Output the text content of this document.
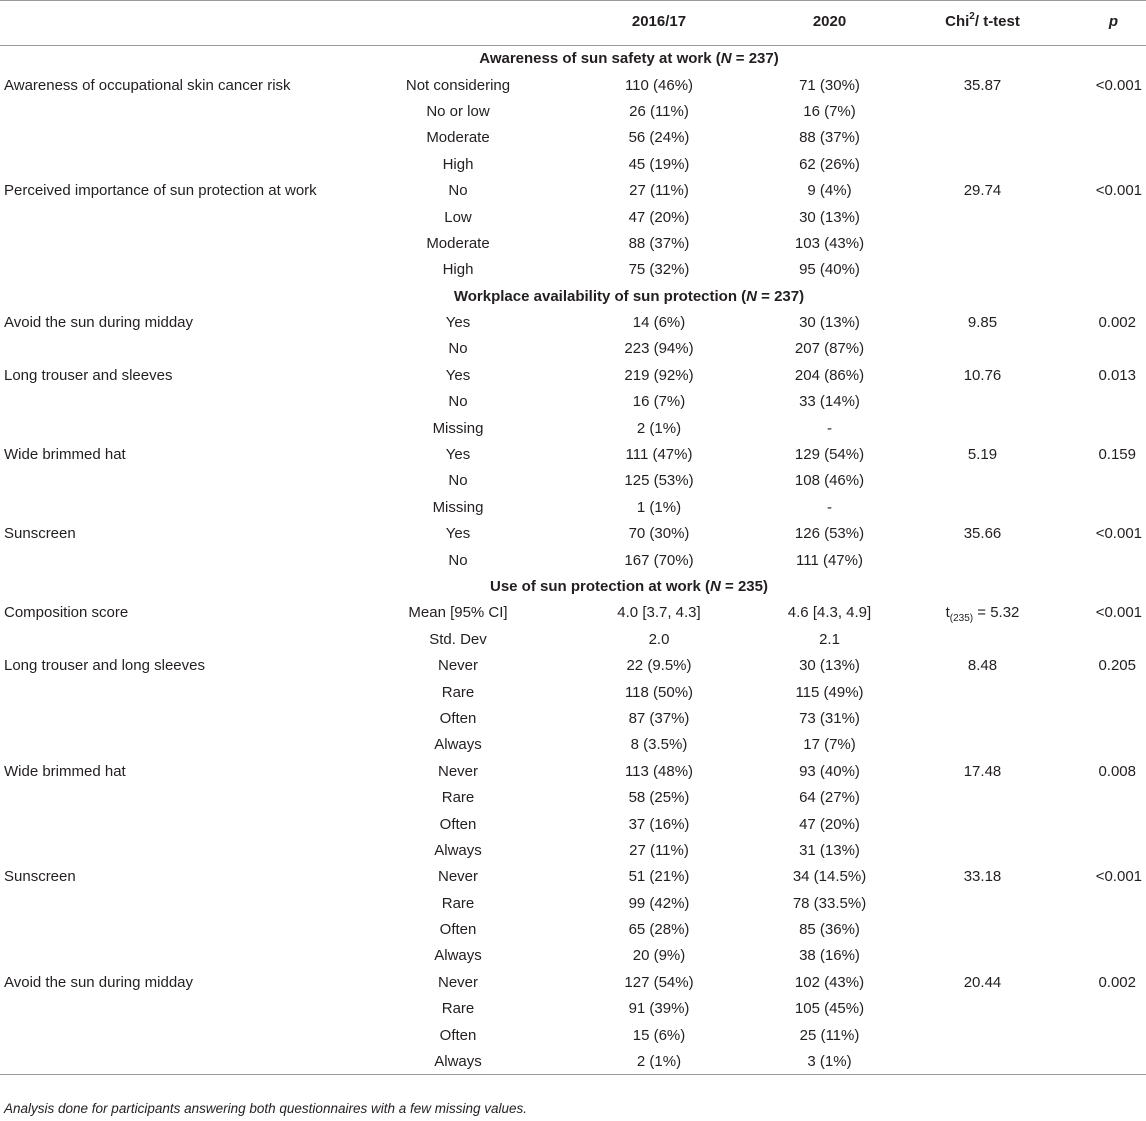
		2016/17	2020	Chi$^2$/ t-test	p
Awareness of sun safety at work (N = 237)					
Awareness of occupational skin cancer risk	Not considering	110 (46%)	71 (30%)	35.87	<0.001
	No or low	26 (11%)	16 (7%)		
	Moderate	56 (24%)	88 (37%)		
	High	45 (19%)	62 (26%)		
Perceived importance of sun protection at work	No	27 (11%)	9 (4%)	29.74	<0.001
	Low	47 (20%)	30 (13%)		
	Moderate	88 (37%)	103 (43%)		
	High	75 (32%)	95 (40%)		
Workplace availability of sun protection (N = 237)					
Avoid the sun during midday	Yes	14 (6%)	30 (13%)	9.85	0.002
	No	223 (94%)	207 (87%)		
Long trouser and sleeves	Yes	219 (92%)	204 (86%)	10.76	0.013
	No	16 (7%)	33 (14%)		
	Missing	2 (1%)	-		
Wide brimmed hat	Yes	111 (47%)	129 (54%)	5.19	0.159
	No	125 (53%)	108 (46%)		
	Missing	1 (1%)	-		
Sunscreen	Yes	70 (30%)	126 (53%)	35.66	<0.001
	No	167 (70%)	111 (47%)		
Use of sun protection at work (N = 235)					
Composition score	Mean [95% CI]	4.0 [3.7, 4.3]	4.6 [4.3, 4.9]	$t_{(235)} = 5.32$	<0.001
	Std. Dev	2.0	2.1		
Long trouser and long sleeves	Never	22 (9.5%)	30 (13%)	8.48	0.205
	Rare	118 (50%)	115 (49%)		
	Often	87 (37%)	73 (31%)		
	Always	8 (3.5%)	17 (7%)		
Wide brimmed hat	Never	113 (48%)	93 (40%)	17.48	0.008
	Rare	58 (25%)	64 (27%)		
	Often	37 (16%)	47 (20%)		
	Always	27 (11%)	31 (13%)		
Sunscreen	Never	51 (21%)	34 (14.5%)	33.18	<0.001
	Rare	99 (42%)	78 (33.5%)		
	Often	65 (28%)	85 (36%)		
	Always	20 (9%)	38 (16%)		
Avoid the sun during midday	Never	127 (54%)	102 (43%)	20.44	0.002
	Rare	91 (39%)	105 (45%)		
	Often	15 (6%)	25 (11%)		
	Always	2 (1%)	3 (1%)		
Analysis done for participants answering both questionnaires with a few missing values.
